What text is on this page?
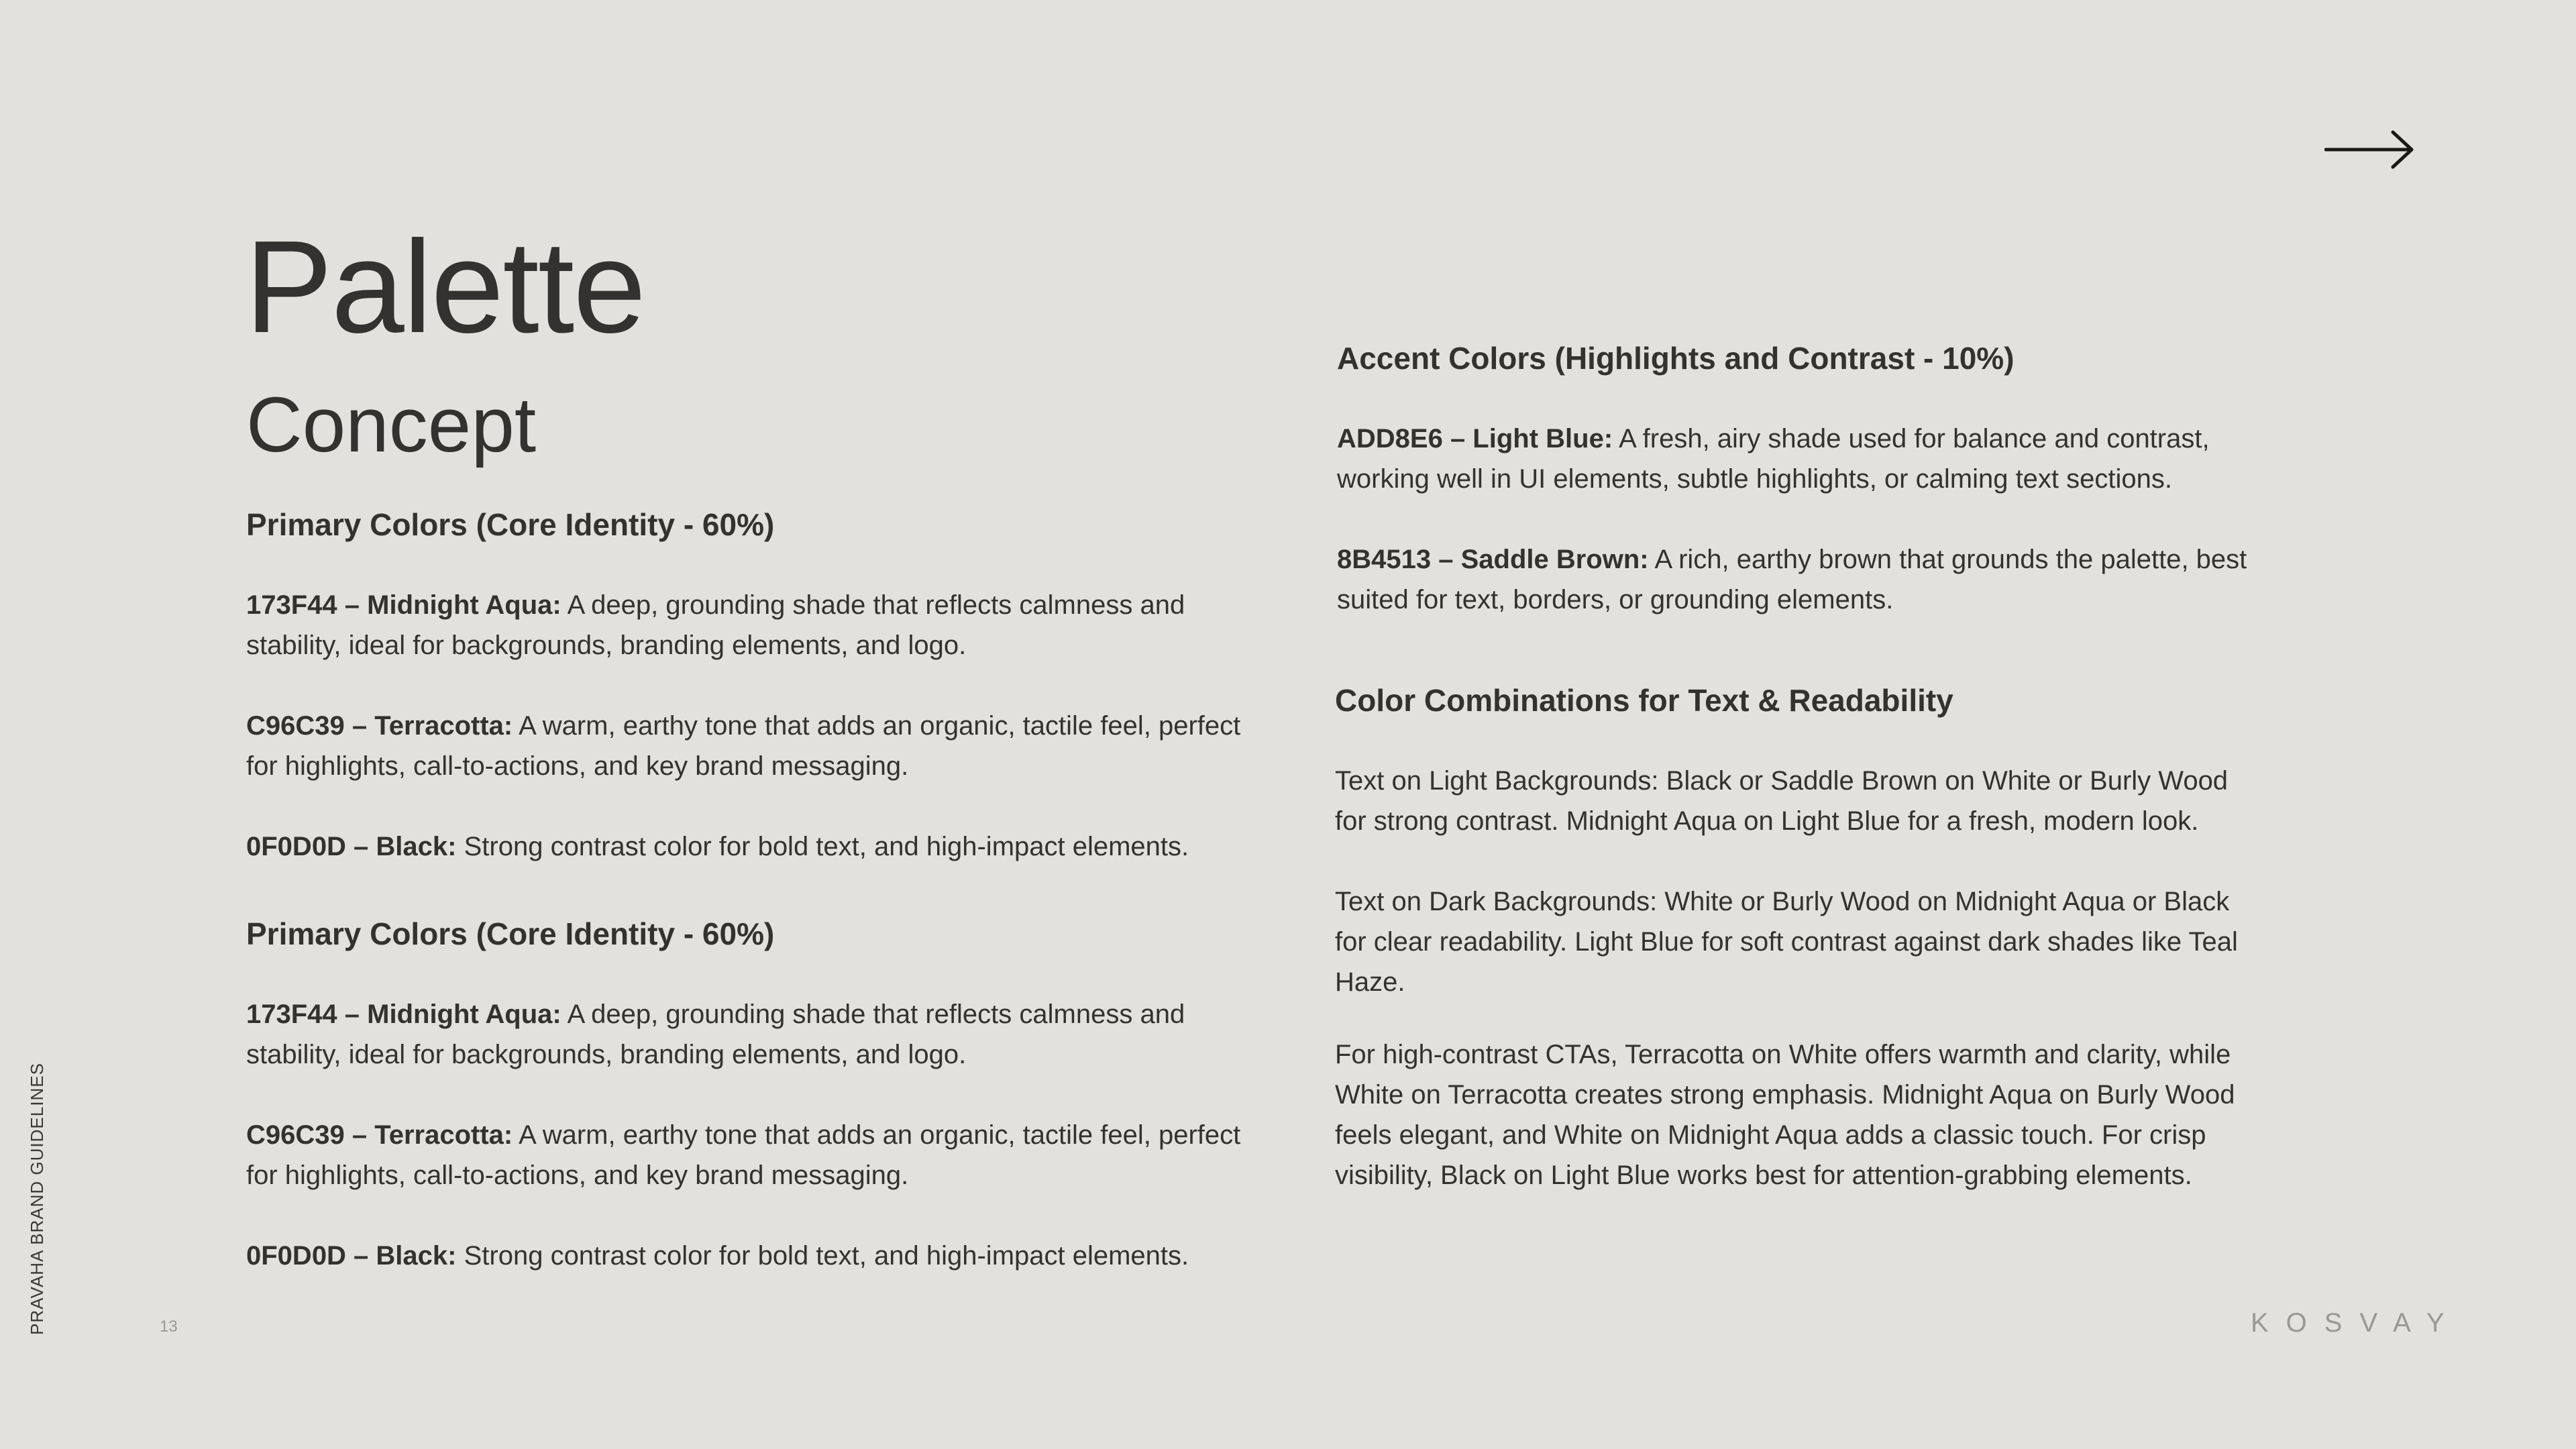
Palette
Concept

Primary Colors (Core Identity - 60%)

173F44 – Midnight Aqua: A deep, grounding shade that reflects calmness and stability, ideal for backgrounds, branding elements, and logo.

C96C39 – Terracotta: A warm, earthy tone that adds an organic, tactile feel, perfect for highlights, call-to-actions, and key brand messaging.

0F0D0D – Black: Strong contrast color for bold text, and high-impact elements.

Primary Colors (Core Identity - 60%)

173F44 – Midnight Aqua: A deep, grounding shade that reflects calmness and stability, ideal for backgrounds, branding elements, and logo.

C96C39 – Terracotta: A warm, earthy tone that adds an organic, tactile feel, perfect for highlights, call-to-actions, and key brand messaging.

0F0D0D – Black: Strong contrast color for bold text, and high-impact elements.

Accent Colors (Highlights and Contrast - 10%)

ADD8E6 – Light Blue: A fresh, airy shade used for balance and contrast, working well in UI elements, subtle highlights, or calming text sections.

8B4513 – Saddle Brown: A rich, earthy brown that grounds the palette, best suited for text, borders, or grounding elements.

Color Combinations for Text & Readability

Text on Light Backgrounds: Black or Saddle Brown on White or Burly Wood for strong contrast. Midnight Aqua on Light Blue for a fresh, modern look.

Text on Dark Backgrounds: White or Burly Wood on Midnight Aqua or Black for clear readability. Light Blue for soft contrast against dark shades like Teal Haze.

For high-contrast CTAs, Terracotta on White offers warmth and clarity, while White on Terracotta creates strong emphasis. Midnight Aqua on Burly Wood feels elegant, and White on Midnight Aqua adds a classic touch. For crisp visibility, Black on Light Blue works best for attention-grabbing elements.

PRAVAHA BRAND GUIDELINES	13	KOSVAY
